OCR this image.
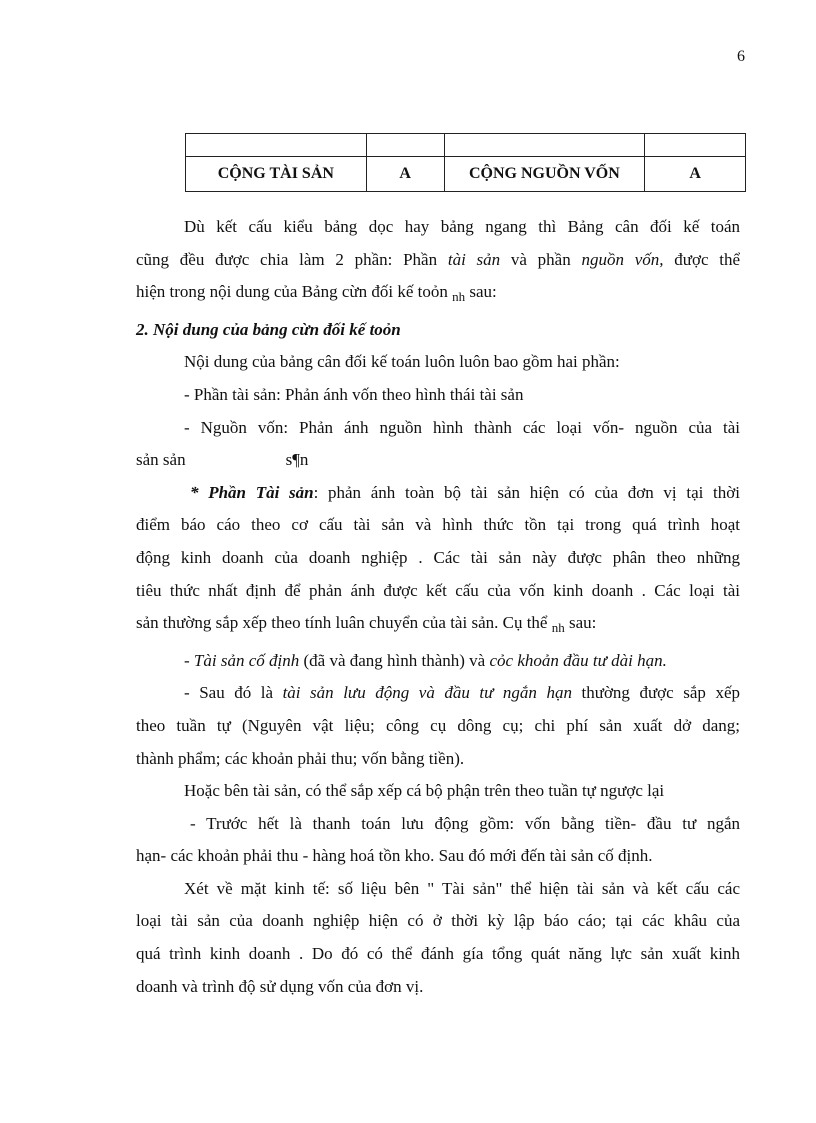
6

CỘNG TÀI SẢN	A	CỘNG NGUỒN VỐN	A

Dù kết cấu kiểu bảng dọc hay bảng ngang thì Bảng cân đối kế toán

cũng đều được chia làm 2 phần: Phần tài sản và phần nguồn vốn, được thể

hiện trong nội dung của Bảng cừn đối kế toỏn $_{nh}$ sau:

2. Nội dung của bảng cừn đối kế toỏn

Nội dung của bảng cân đối kế toán luôn luôn bao gồm hai phần:

- Phần tài sản: Phản ánh vốn theo hình thái tài sản

- Nguồn vốn: Phản ánh nguồn hình thành các loại vốn- nguồn của tài

sản sản	s¶n

* Phần Tài sản: phản ánh toàn bộ tài sản hiện có của đơn vị tại thời

điểm báo cáo theo cơ cấu tài sản và hình thức tồn tại trong quá trình hoạt

động kinh doanh của doanh nghiệp . Các tài sản này được phân theo những

tiêu thức nhất định để phản ánh được kết cấu của vốn kinh doanh . Các loại tài

sản thường sắp xếp theo tính luân chuyển của tài sản. Cụ thể $_{nh}$ sau:

- Tài sản cố định (đã và đang hình thành) và cỏc khoản đầu tư dài hạn.

- Sau đó là tài sản lưu động và đầu tư ngắn hạn thường được sắp xếp

theo tuần tự (Nguyên vật liệu; công cụ dông cụ; chi phí sản xuất dở dang;

thành phẩm; các khoản phải thu; vốn bằng tiền).

Hoặc bên tài sản, có thể sắp xếp cá bộ phận trên theo tuần tự ngược lại

- Trước hết là thanh toán lưu động gồm: vốn bằng tiền- đầu tư ngắn

hạn- các khoản phải thu - hàng hoá tồn kho. Sau đó mới đến tài sản cố định.

Xét về mặt kinh tế: số liệu bên " Tài sản" thể hiện tài sản và kết cấu các

loại tài sản của doanh nghiệp hiện có ở thời kỳ lập báo cáo; tại các khâu của

quá trình kinh doanh . Do đó có thể đánh gía tổng quát năng lực sản xuất kinh

doanh và trình độ sử dụng vốn của đơn vị.
